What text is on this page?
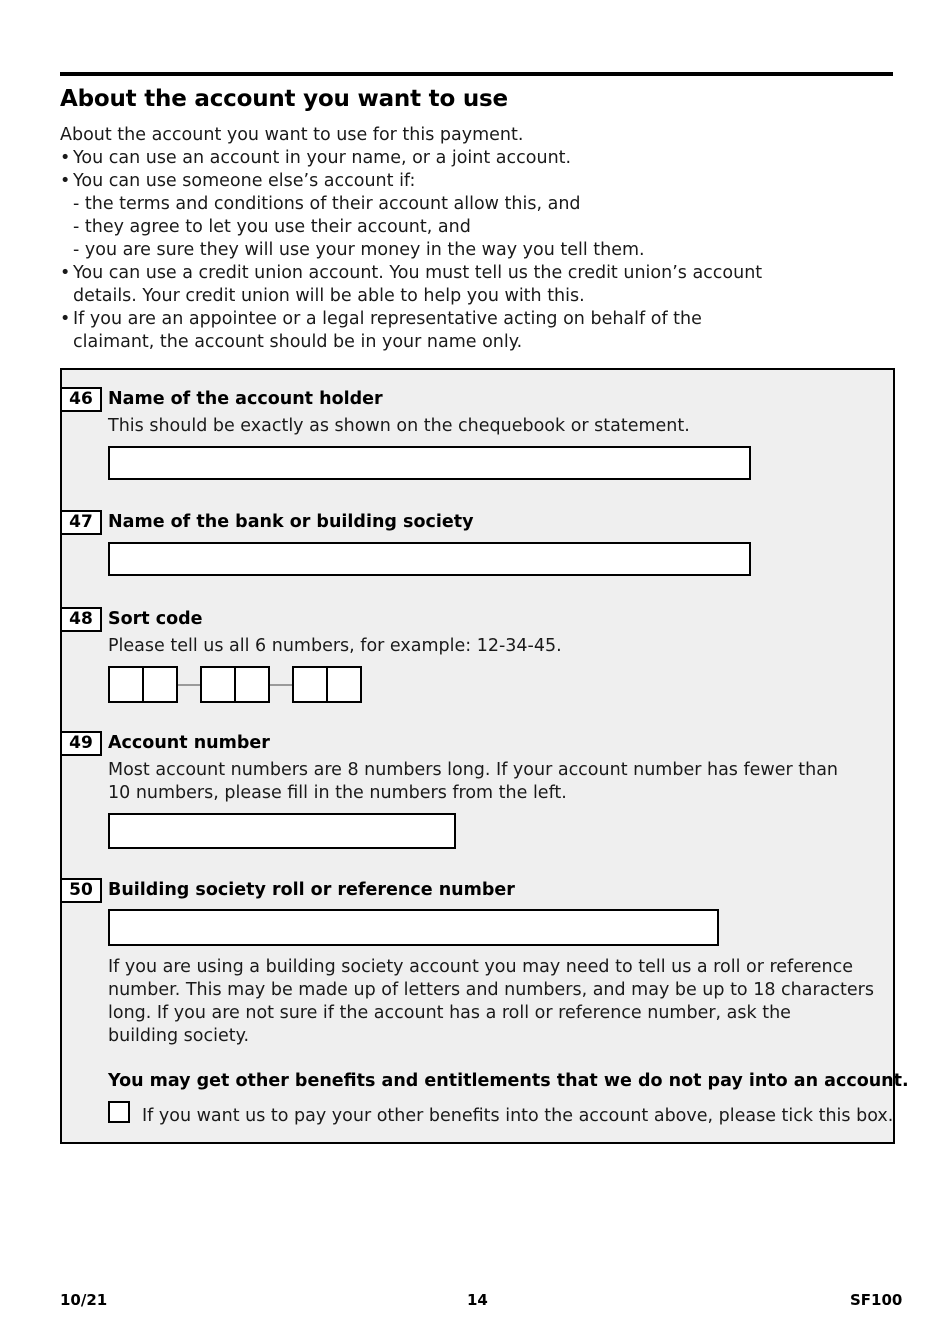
About the account you want to use

About the account you want to use for this payment.

• You can use an account in your name, or a joint account.
• You can use someone else’s account if:
- the terms and conditions of their account allow this, and
- they agree to let you use their account, and
- you are sure they will use your money in the way you tell them.
• You can use a credit union account. You must tell us the credit union’s account
details. Your credit union will be able to help you with this.
• If you are an appointee or a legal representative acting on behalf of the
claimant, the account should be in your name only.
46 Name of the account holder
This should be exactly as shown on the chequebook or statement.
47 Name of the bank or building society
48 Sort code
Please tell us all 6 numbers, for example: 12-34-45.
49 Account number
Most account numbers are 8 numbers long. If your account number has fewer than
10 numbers, please fill in the numbers from the left.
50 Building society roll or reference number
If you are using a building society account you may need to tell us a roll or reference
number. This may be made up of letters and numbers, and may be up to 18 characters
long. If you are not sure if the account has a roll or reference number, ask the
building society.
You may get other benefits and entitlements that we do not pay into an account.
If you want us to pay your other benefits into the account above, please tick this box.
10/21	14	SF100
